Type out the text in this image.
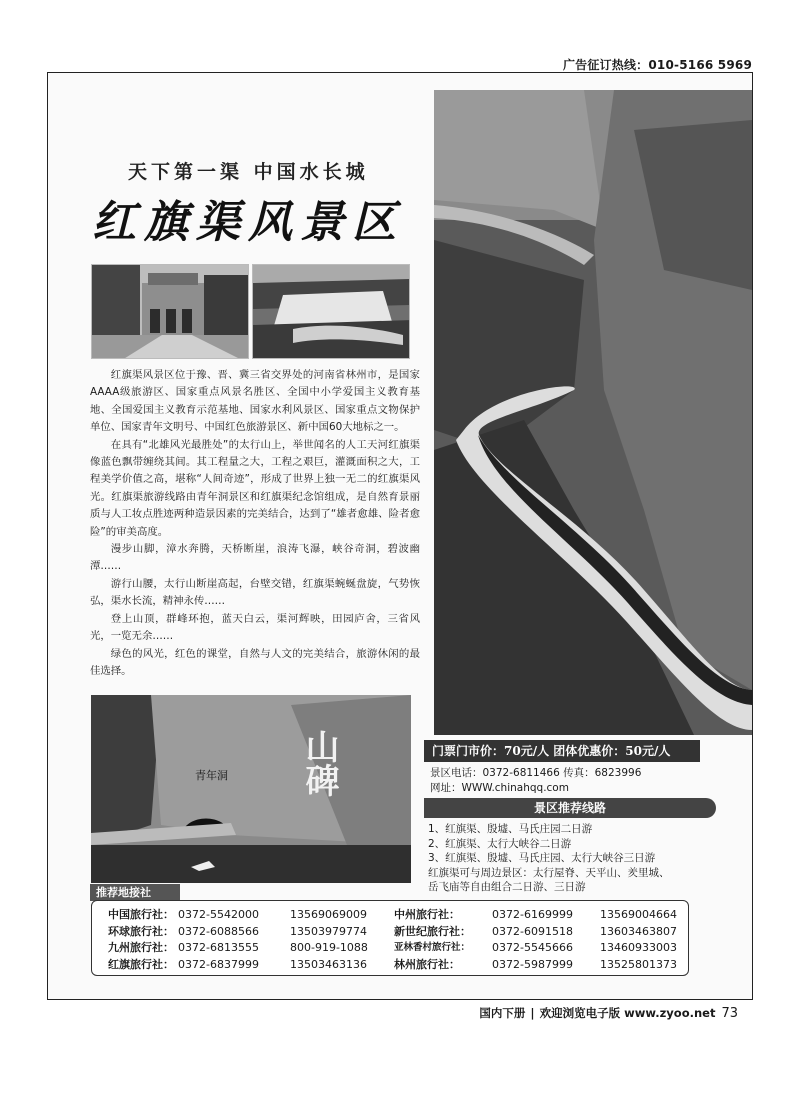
广告征订热线：010-5166 5969
天下第一渠 中国水长城
红旗渠风景区

红旗渠风景区位于豫、晋、冀三省交界处的河南省林州市，是国家AAAA级旅游区、国家重点风景名胜区、全国中小学爱国主义教育基地、全国爱国主义教育示范基地、国家水利风景区、国家重点文物保护单位、国家青年文明号、中国红色旅游景区、新中国60大地标之一。

在具有“北雄风光最胜处”的太行山上，举世闻名的人工天河红旗渠像蓝色飘带缠绕其间。其工程量之大，工程之艰巨，灌溉面积之大，工程美学价值之高，堪称“人间奇迹”，形成了世界上独一无二的红旗渠风光。红旗渠旅游线路由青年洞景区和红旗渠纪念馆组成，是自然育景丽质与人工妆点胜迹两种造景因素的完美结合，达到了“雄者愈雄、险者愈险”的审美高度。

漫步山脚，漳水奔腾，天桥断崖，浪涛飞瀑，峡谷奇洞，碧波幽潭……

游行山腰，太行山断崖高起，台壁交错，红旗渠蜿蜒盘旋，气势恢弘，渠水长流，精神永传……

登上山顶，群峰环抱，蓝天白云，渠河辉映，田园庐舍，三省风光，一览无余……

绿色的风光，红色的课堂，自然与人文的完美结合，旅游休闲的最佳选择。

青年洞 山碑
推荐地接社
门票门市价：70元/人 团体优惠价：50元/人
景区电话：0372-6811466 传真：6823996
网址：WWW.chinahqq.com
景区推荐线路
1、红旗渠、殷墟、马氏庄园二日游
2、红旗渠、太行大峡谷二日游
3、红旗渠、殷墟、马氏庄园、太行大峡谷三日游
红旗渠可与周边景区：太行屋脊、天平山、羑里城、
岳飞庙等自由组合二日游、三日游
中国旅行社： 0372-5542000	13569069009	中州旅行社：	0372-6169999	13569004664
环球旅行社： 0372-6088566	13503979774	新世纪旅行社：	0372-6091518	13603463807
九州旅行社： 0372-6813555	800-919-1088	亚林香村旅行社：	0372-5545666	13460933003
红旗旅行社： 0372-6837999	13503463136	林州旅行社：	0372-5987999	13525801373
国内下册 | 欢迎浏览电子版 www.zyoo.net 73
